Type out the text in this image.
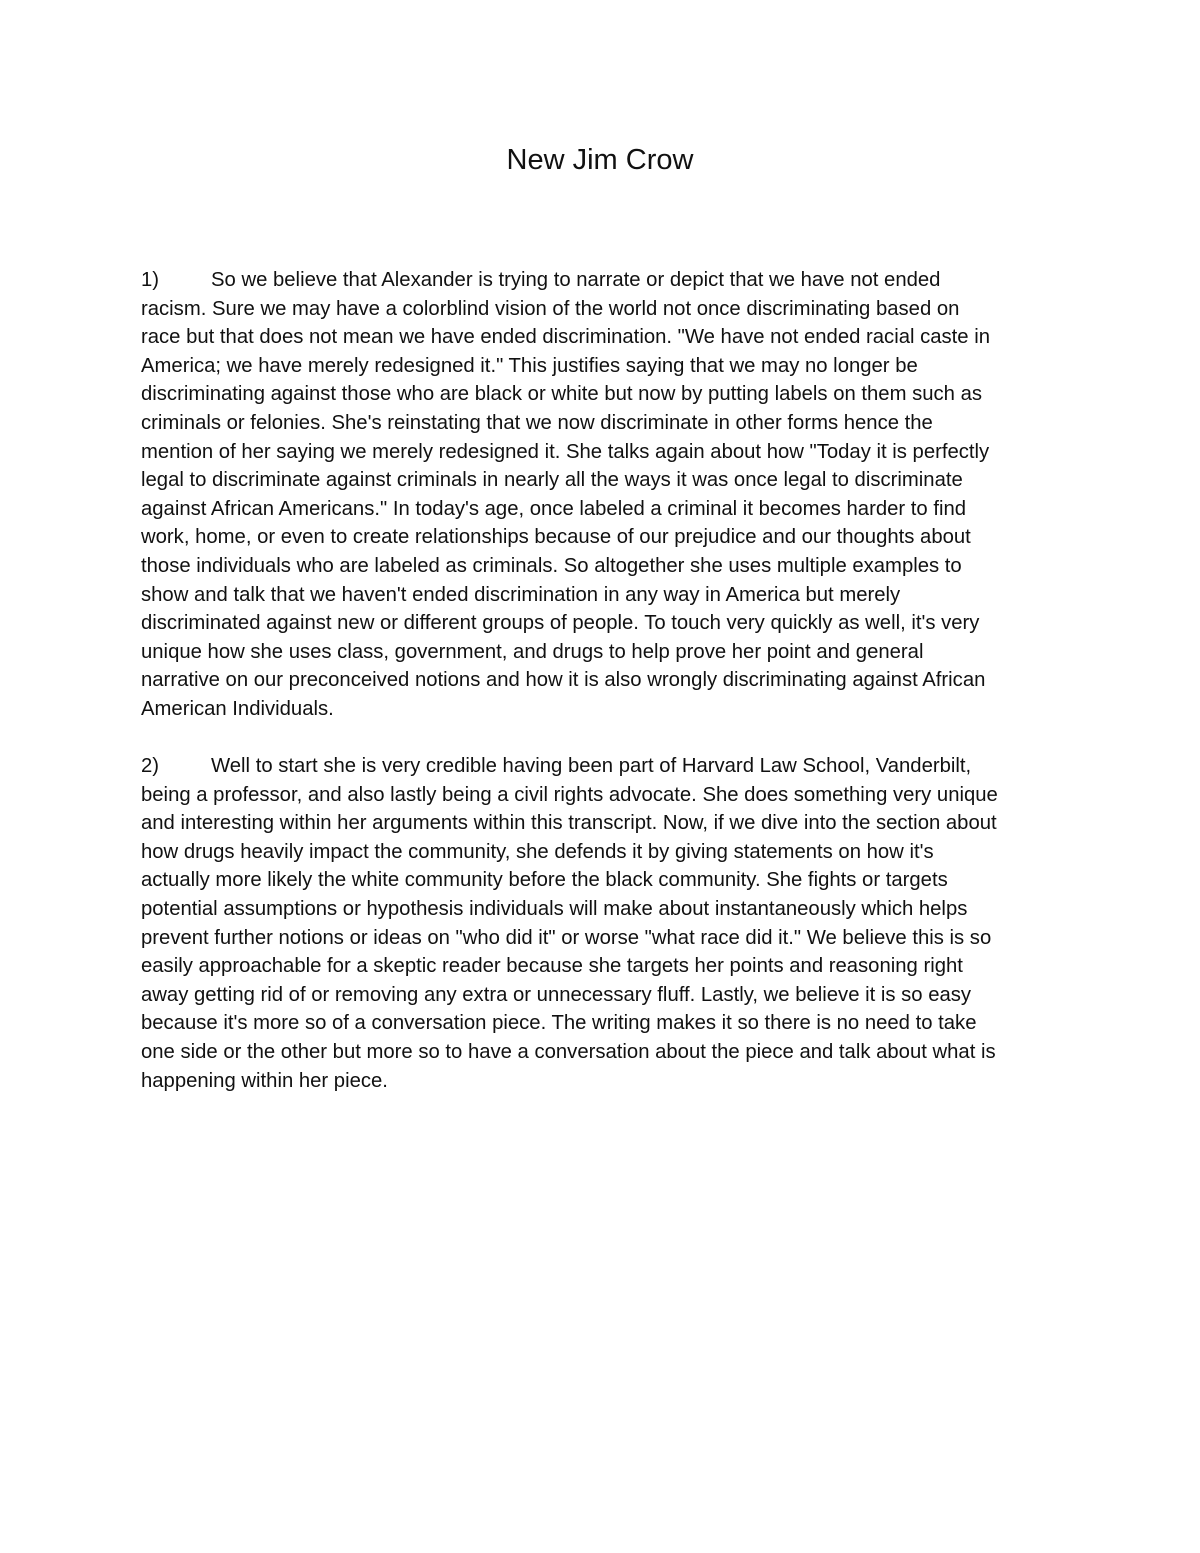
New Jim Crow

1)	So we believe that Alexander is trying to narrate or depict that we have not ended
racism. Sure we may have a colorblind vision of the world not once discriminating based on
race but that does not mean we have ended discrimination. "We have not ended racial caste in
America; we have merely redesigned it." This justifies saying that we may no longer be
discriminating against those who are black or white but now by putting labels on them such as
criminals or felonies. She's reinstating that we now discriminate in other forms hence the
mention of her saying we merely redesigned it. She talks again about how "Today it is perfectly
legal to discriminate against criminals in nearly all the ways it was once legal to discriminate
against African Americans." In today's age, once labeled a criminal it becomes harder to find
work, home, or even to create relationships because of our prejudice and our thoughts about
those individuals who are labeled as criminals. So altogether she uses multiple examples to
show and talk that we haven't ended discrimination in any way in America but merely
discriminated against new or different groups of people. To touch very quickly as well, it's very
unique how she uses class, government, and drugs to help prove her point and general
narrative on our preconceived notions and how it is also wrongly discriminating against African
American Individuals.

2)	Well to start she is very credible having been part of Harvard Law School, Vanderbilt,
being a professor, and also lastly being a civil rights advocate. She does something very unique
and interesting within her arguments within this transcript. Now, if we dive into the section about
how drugs heavily impact the community, she defends it by giving statements on how it's
actually more likely the white community before the black community. She fights or targets
potential assumptions or hypothesis individuals will make about instantaneously which helps
prevent further notions or ideas on "who did it" or worse "what race did it." We believe this is so
easily approachable for a skeptic reader because she targets her points and reasoning right
away getting rid of or removing any extra or unnecessary fluff. Lastly, we believe it is so easy
because it's more so of a conversation piece. The writing makes it so there is no need to take
one side or the other but more so to have a conversation about the piece and talk about what is
happening within her piece.
